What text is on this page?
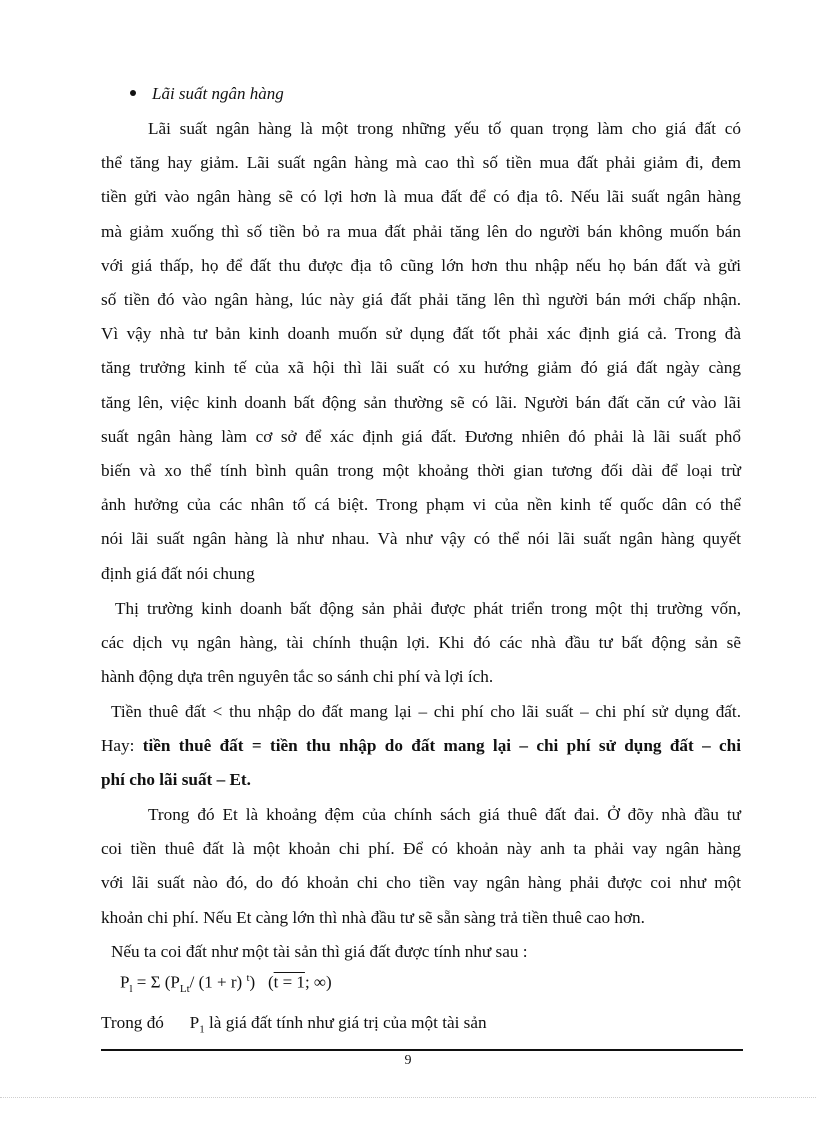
Lãi suất ngân hàng
Lãi suất ngân hàng là một trong những yếu tố quan trọng làm cho giá đất có
thể tăng hay giảm. Lãi suất ngân hàng mà cao thì số tiền mua đất phải giảm đi, đem
tiền gửi vào ngân hàng sẽ có lợi hơn là mua đất để có địa tô. Nếu lãi suất ngân hàng
mà giảm xuống thì số tiền bỏ ra mua đất phải tăng lên do người bán không muốn bán
với giá thấp, họ để đất thu được địa tô cũng lớn hơn thu nhập nếu họ bán đất và gửi
số tiền đó vào ngân hàng, lúc này giá đất phải tăng lên thì người bán mới chấp nhận.
Vì vậy nhà tư bản kinh doanh muốn sử dụng đất tốt phải xác định giá cả. Trong đà
tăng trưởng kinh tế của xã hội thì lãi suất có xu hướng giảm đó giá đất ngày càng
tăng lên, việc kinh doanh bất động sản thường sẽ có lãi. Người bán đất căn cứ vào lãi
suất ngân hàng làm cơ sở để xác định giá đất. Đương nhiên đó phải là lãi suất phổ
biến và xo thể tính bình quân trong một khoảng thời gian tương đối dài để loại trừ
ảnh hưởng của các nhân tố cá biệt. Trong phạm vi của nền kinh tế quốc dân có thể
nói lãi suất ngân hàng là như nhau. Và như vậy có thể nói lãi suất ngân hàng quyết
định giá đất nói chung
Thị trường kinh doanh bất động sản phải được phát triển trong một thị trường vốn,
các dịch vụ ngân hàng, tài chính thuận lợi. Khi đó các nhà đầu tư bất động sản sẽ
hành động dựa trên nguyên tắc so sánh chi phí và lợi ích.
Tiền thuê đất < thu nhập do đất mang lại – chi phí cho lãi suất – chi phí sử dụng đất.
Hay: tiền thuê đất = tiền thu nhập do đất mang lại – chi phí sử dụng đất – chi
phí cho lãi suất – Et.
Trong đó Et là khoảng đệm của chính sách giá thuê đất đai. Ở đõy nhà đầu tư
coi tiền thuê đất là một khoản chi phí. Để có khoản này anh ta phải vay ngân hàng
với lãi suất nào đó, do đó khoản chi cho tiền vay ngân hàng phải được coi như một
khoản chi phí. Nếu Et càng lớn thì nhà đầu tư sẽ sẵn sàng trả tiền thuê cao hơn.
Nếu ta coi đất như một tài sản thì giá đất được tính như sau :
$P_l = \Sigma$ ($P_{Lt}/$ (1 + r) $^t$) (t = 1; ∞)
Trong đó $P_1$ là giá đất tính như giá trị của một tài sản
9
